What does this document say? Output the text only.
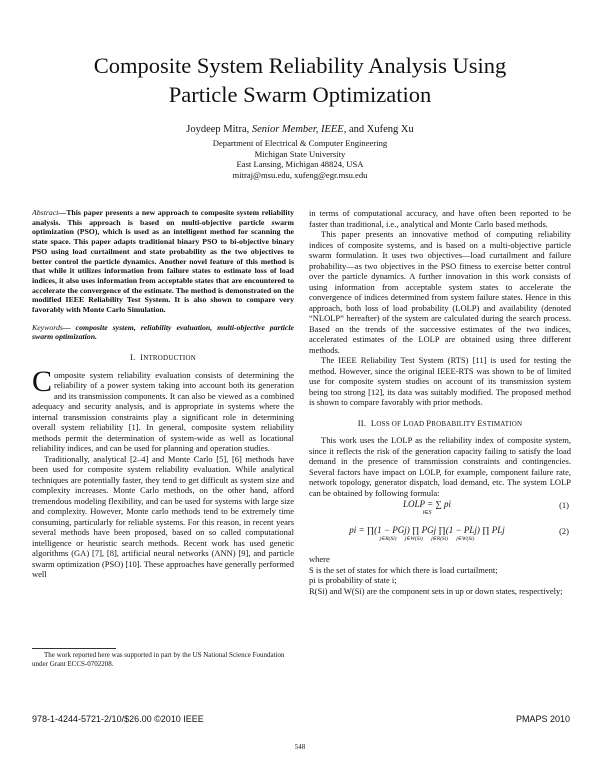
Composite System Reliability Analysis Using
Particle Swarm Optimization
Joydeep Mitra, Senior Member, IEEE, and Xufeng Xu
Department of Electrical & Computer Engineering
Michigan State University
East Lansing, Michigan 48824, USA
mitraj@msu.edu, xufeng@egr.msu.edu
Abstract—This paper presents a new approach to composite system reliability analysis. This approach is based on multi-objective particle swarm optimization (PSO), which is used as an intelligent method for scanning the state space. This paper adapts traditional binary PSO to bi-objective binary PSO using load curtailment and state probability as the two objectives to better control the particle dynamics. Another novel feature of this method is that while it utilizes information from failure states to estimate loss of load indices, it also uses information from acceptable states that are encountered to accelerate the convergence of the estimate. The method is demonstrated on the modified IEEE Reliability Test System. It is also shown to compare very favorably with Monte Carlo Simulation.
Keywords— composite system, reliability evaluation, multi-objective particle swarm optimization.
I. INTRODUCTION

Composite system reliability evaluation consists of determining the reliability of a power system taking into account both its generation and its transmission components. It can also be viewed as a combined adequacy and security analysis, and is appropriate in systems where the internal transmission constraints play a significant role in determining overall system reliability [1]. In general, composite system reliability methods permit the determination of system-wide as well as locational reliability indices, and can be used for planning and operation studies.

Traditionally, analytical [2–4] and Monte Carlo [5], [6] methods have been used for composite system reliability evaluation. While analytical techniques are potentially faster, they tend to get difficult as system size and complexity increases. Monte Carlo methods, on the other hand, afford tremendous modeling flexibility, and can be used for systems with large size and complexity. However, Monte carlo methods tend to be extremely time consuming, particularly for reliable systems. For this reason, in recent years several methods have been proposed, based on so called computational intelligence or heuristic search methods. Recent work has used genetic algorithms (GA) [7], [8], artificial neural networks (ANN) [9], and particle swarm optimization (PSO) [10]. These approaches have generally performed well

in terms of computational accuracy, and have often been reported to be faster than traditional, i.e., analytical and Monte Carlo based methods.

This paper presents an innovative method of computing reliability indices of composite systems, and is based on a multi-objective particle swarm formulation. It uses two objectives—load curtailment and failure probability—as two objectives in the PSO fitness to exercise better control over the particle dynamics. A further innovation in this work consists of using information from acceptable system states to accelerate the convergence of indices determined from system failure states. Hence in this approach, both loss of load probability (LOLP) and availability (denoted “NLOLP” hereafter) of the system are calculated during the search process. Based on the trends of the successive estimates of the two indices, accelerated estimates of the LOLP are obtained using three different methods.

The IEEE Reliability Test System (RTS) [11] is used for testing the method. However, since the original IEEE-RTS was shown to be of limited use for composite system studies on account of its transmission system being too strong [12], its data was suitably modified. The proposed method is shown to compare favorably with prior methods.

II. LOSS OF LOAD PROBABILITY ESTIMATION

This work uses the LOLP as the reliability index of composite system, since it reflects the risk of the generation capacity failing to satisfy the load demand in the presence of transmission constraints and contingencies. Several factors have impact on LOLP, for example, component failure rate, network topology, generator dispatch, load demand, etc. The system LOLP can be obtained by following formula:

LOLP = ∑ pi
i∈S
(1)
pi = ∏(1 − PGj) ∏ PGj ∏(1 − PLj) ∏ PLj
j∈R(Si)      j∈W(Si)      j∈R(Si)      j∈W(Si)
(2)
where
S is the set of states for which there is load curtailment;
pi is probability of state i;
R(Si) and W(Si) are the component sets in up or down states, respectively;
The work reported here was supported in part by the US National Science Foundation under Grant ECCS-0702208.
978-1-4244-5721-2/10/$26.00 ©2010 IEEE	PMAPS 2010
548
